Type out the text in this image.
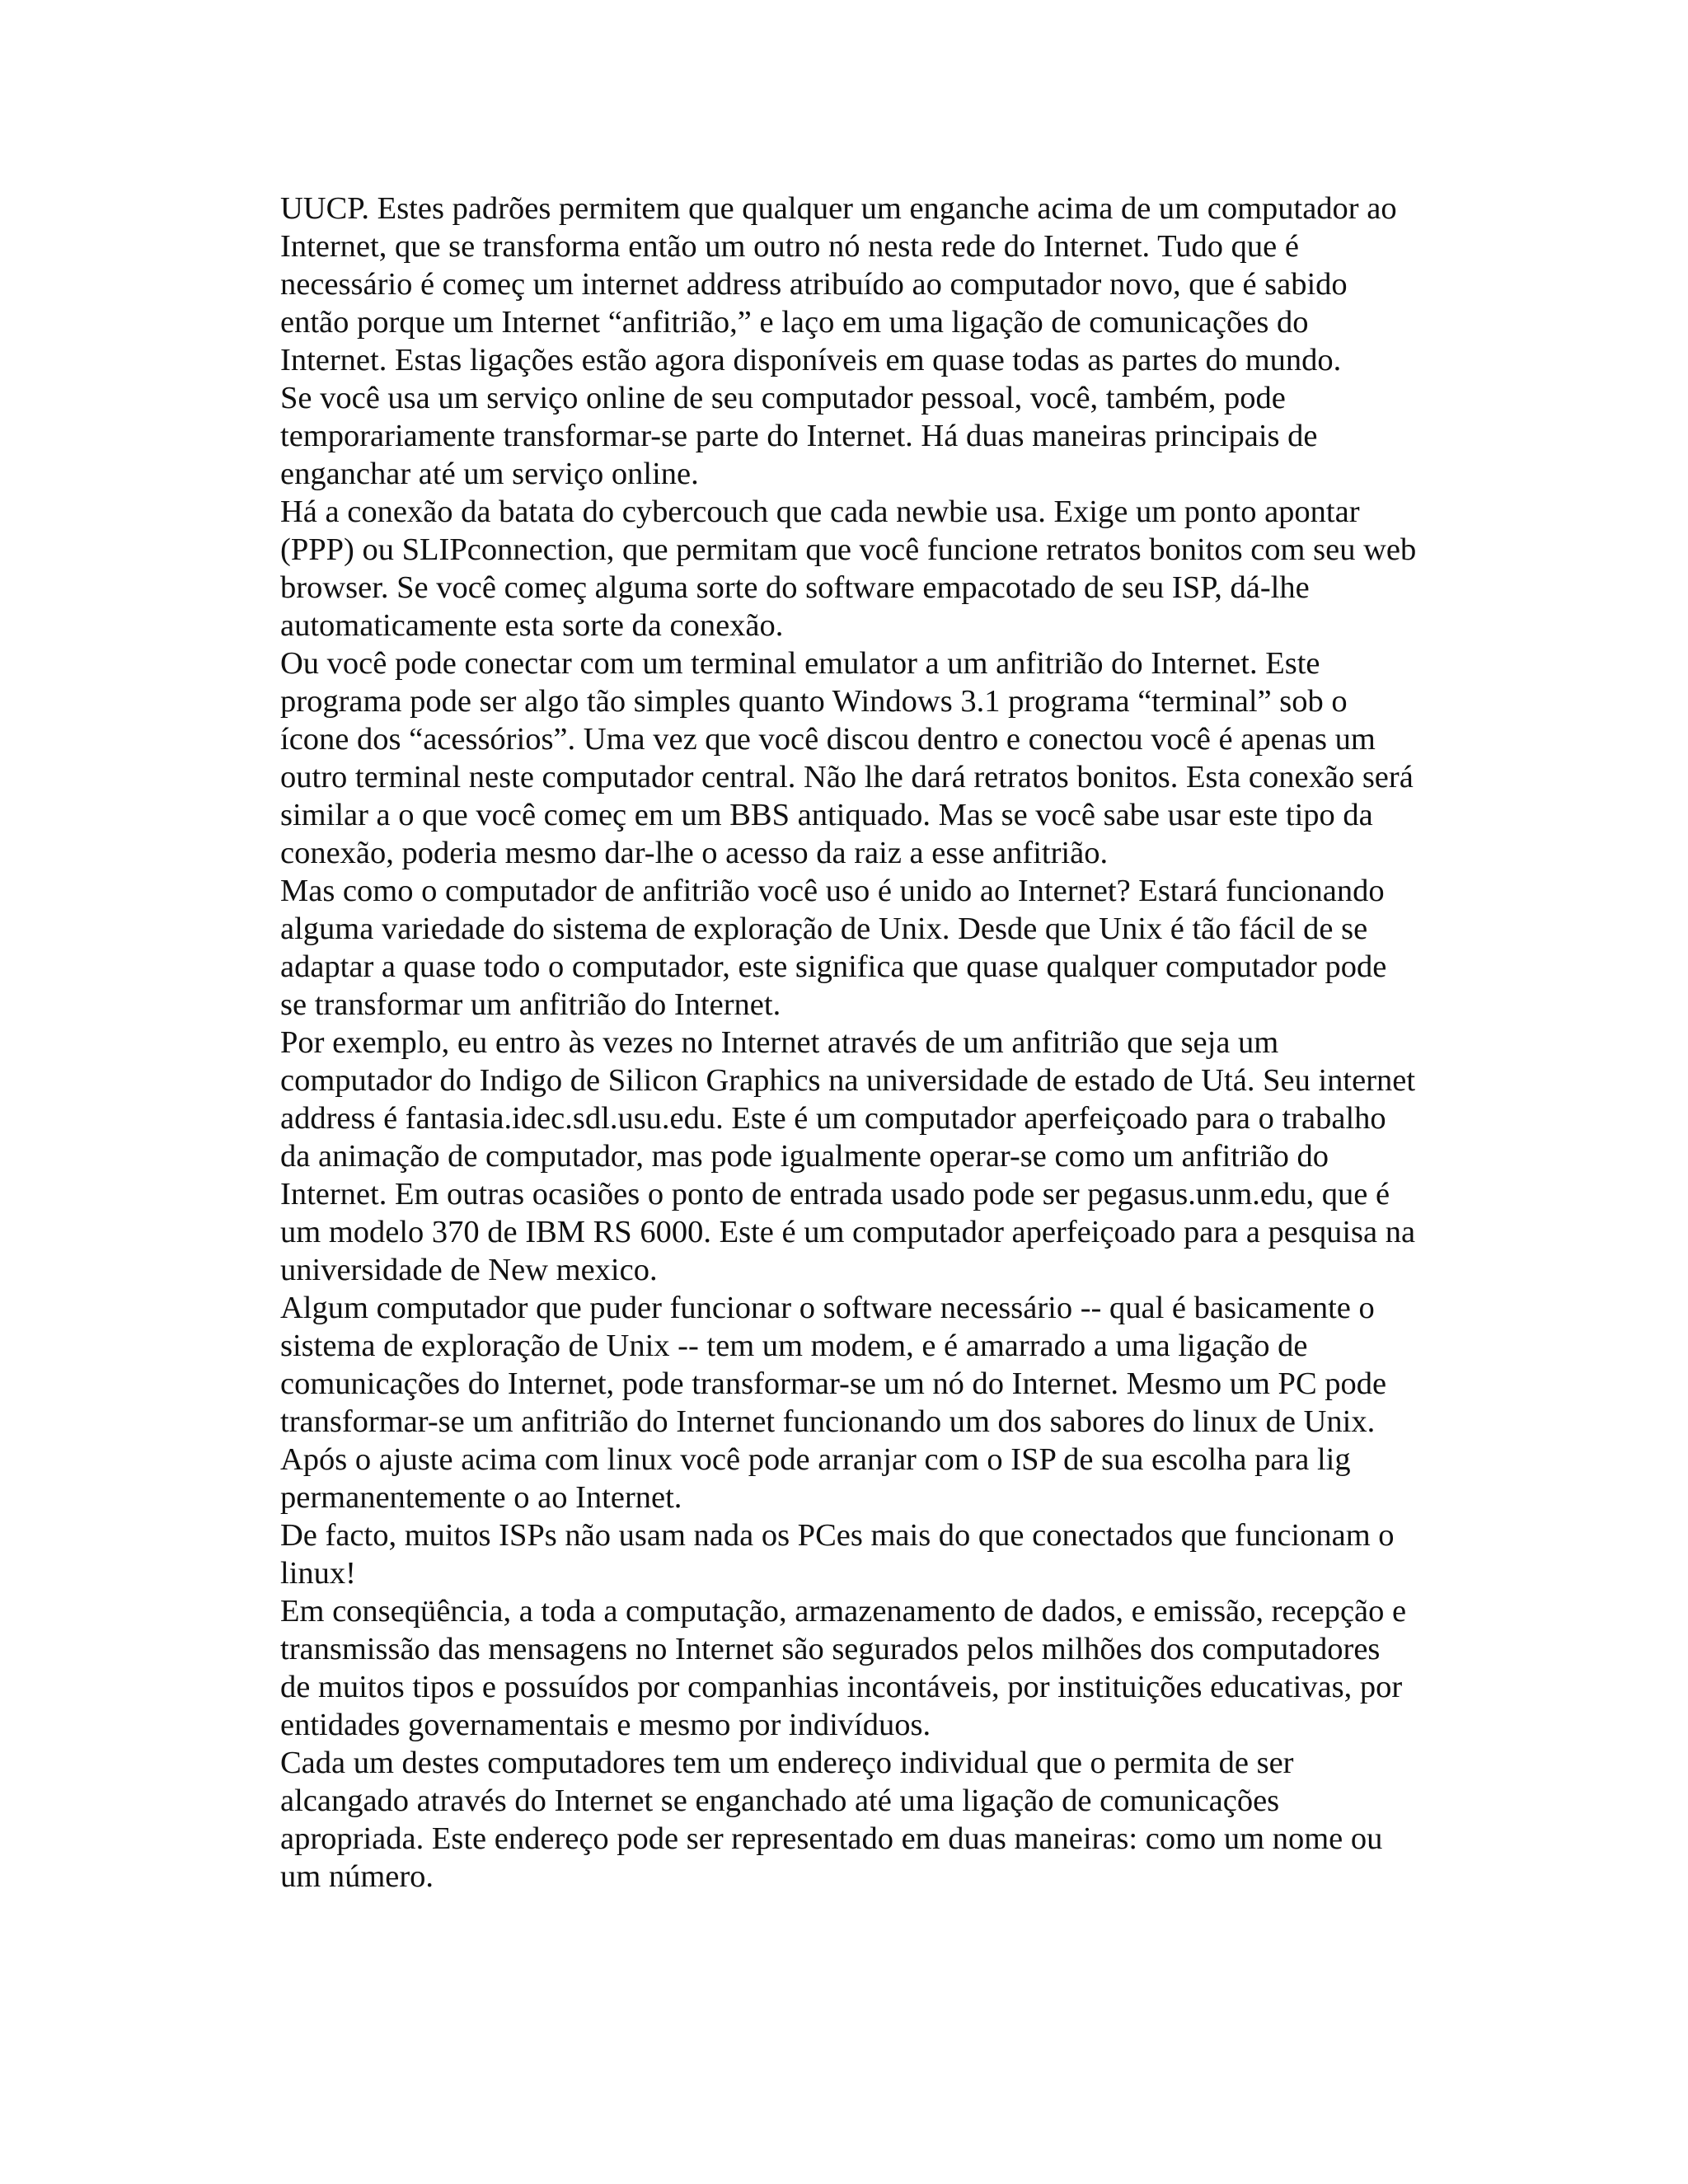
UUCP. Estes padrões permitem que qualquer um enganche acima de um computador ao Internet, que se transforma então um outro nó nesta rede do Internet. Tudo que é necessário é começ um internet address atribuído ao computador novo, que é sabido então porque um Internet “anfitrião,” e laço em uma ligação de comunicações do Internet. Estas ligações estão agora disponíveis em quase todas as partes do mundo.

Se você usa um serviço online de seu computador pessoal, você, também, pode temporariamente transformar-se parte do Internet. Há duas maneiras principais de enganchar até um serviço online.

Há a conexão da batata do cybercouch que cada newbie usa. Exige um ponto apontar (PPP) ou SLIPconnection, que permitam que você funcione retratos bonitos com seu web browser. Se você começ alguma sorte do software empacotado de seu ISP, dá-lhe automaticamente esta sorte da conexão.

Ou você pode conectar com um terminal emulator a um anfitrião do Internet. Este programa pode ser algo tão simples quanto Windows 3.1 programa “terminal” sob o ícone dos “acessórios”. Uma vez que você discou dentro e conectou você é apenas um outro terminal neste computador central. Não lhe dará retratos bonitos. Esta conexão será similar a o que você começ em um BBS antiquado. Mas se você sabe usar este tipo da conexão, poderia mesmo dar-lhe o acesso da raiz a esse anfitrião.

Mas como o computador de anfitrião você uso é unido ao Internet? Estará funcionando alguma variedade do sistema de exploração de Unix. Desde que Unix é tão fácil de se adaptar a quase todo o computador, este significa que quase qualquer computador pode se transformar um anfitrião do Internet.

Por exemplo, eu entro às vezes no Internet através de um anfitrião que seja um computador do Indigo de Silicon Graphics na universidade de estado de Utá. Seu internet address é fantasia.idec.sdl.usu.edu. Este é um computador aperfeiçoado para o trabalho da animação de computador, mas pode igualmente operar-se como um anfitrião do Internet. Em outras ocasiões o ponto de entrada usado pode ser pegasus.unm.edu, que é um modelo 370 de IBM RS 6000. Este é um computador aperfeiçoado para a pesquisa na universidade de New mexico.

Algum computador que puder funcionar o software necessário -- qual é basicamente o sistema de exploração de Unix -- tem um modem, e é amarrado a uma ligação de comunicações do Internet, pode transformar-se um nó do Internet. Mesmo um PC pode transformar-se um anfitrião do Internet funcionando um dos sabores do linux de Unix. Após o ajuste acima com linux você pode arranjar com o ISP de sua escolha para lig permanentemente o ao Internet.

De facto, muitos ISPs não usam nada os PCes mais do que conectados que funcionam o linux!

Em conseqüência, a toda a computação, armazenamento de dados, e emissão, recepção e transmissão das mensagens no Internet são segurados pelos milhões dos computadores de muitos tipos e possuídos por companhias incontáveis, por instituições educativas, por entidades governamentais e mesmo por indivíduos.

Cada um destes computadores tem um endereço individual que o permita de ser alcangado através do Internet se enganchado até uma ligação de comunicações apropriada. Este endereço pode ser representado em duas maneiras: como um nome ou um número.
